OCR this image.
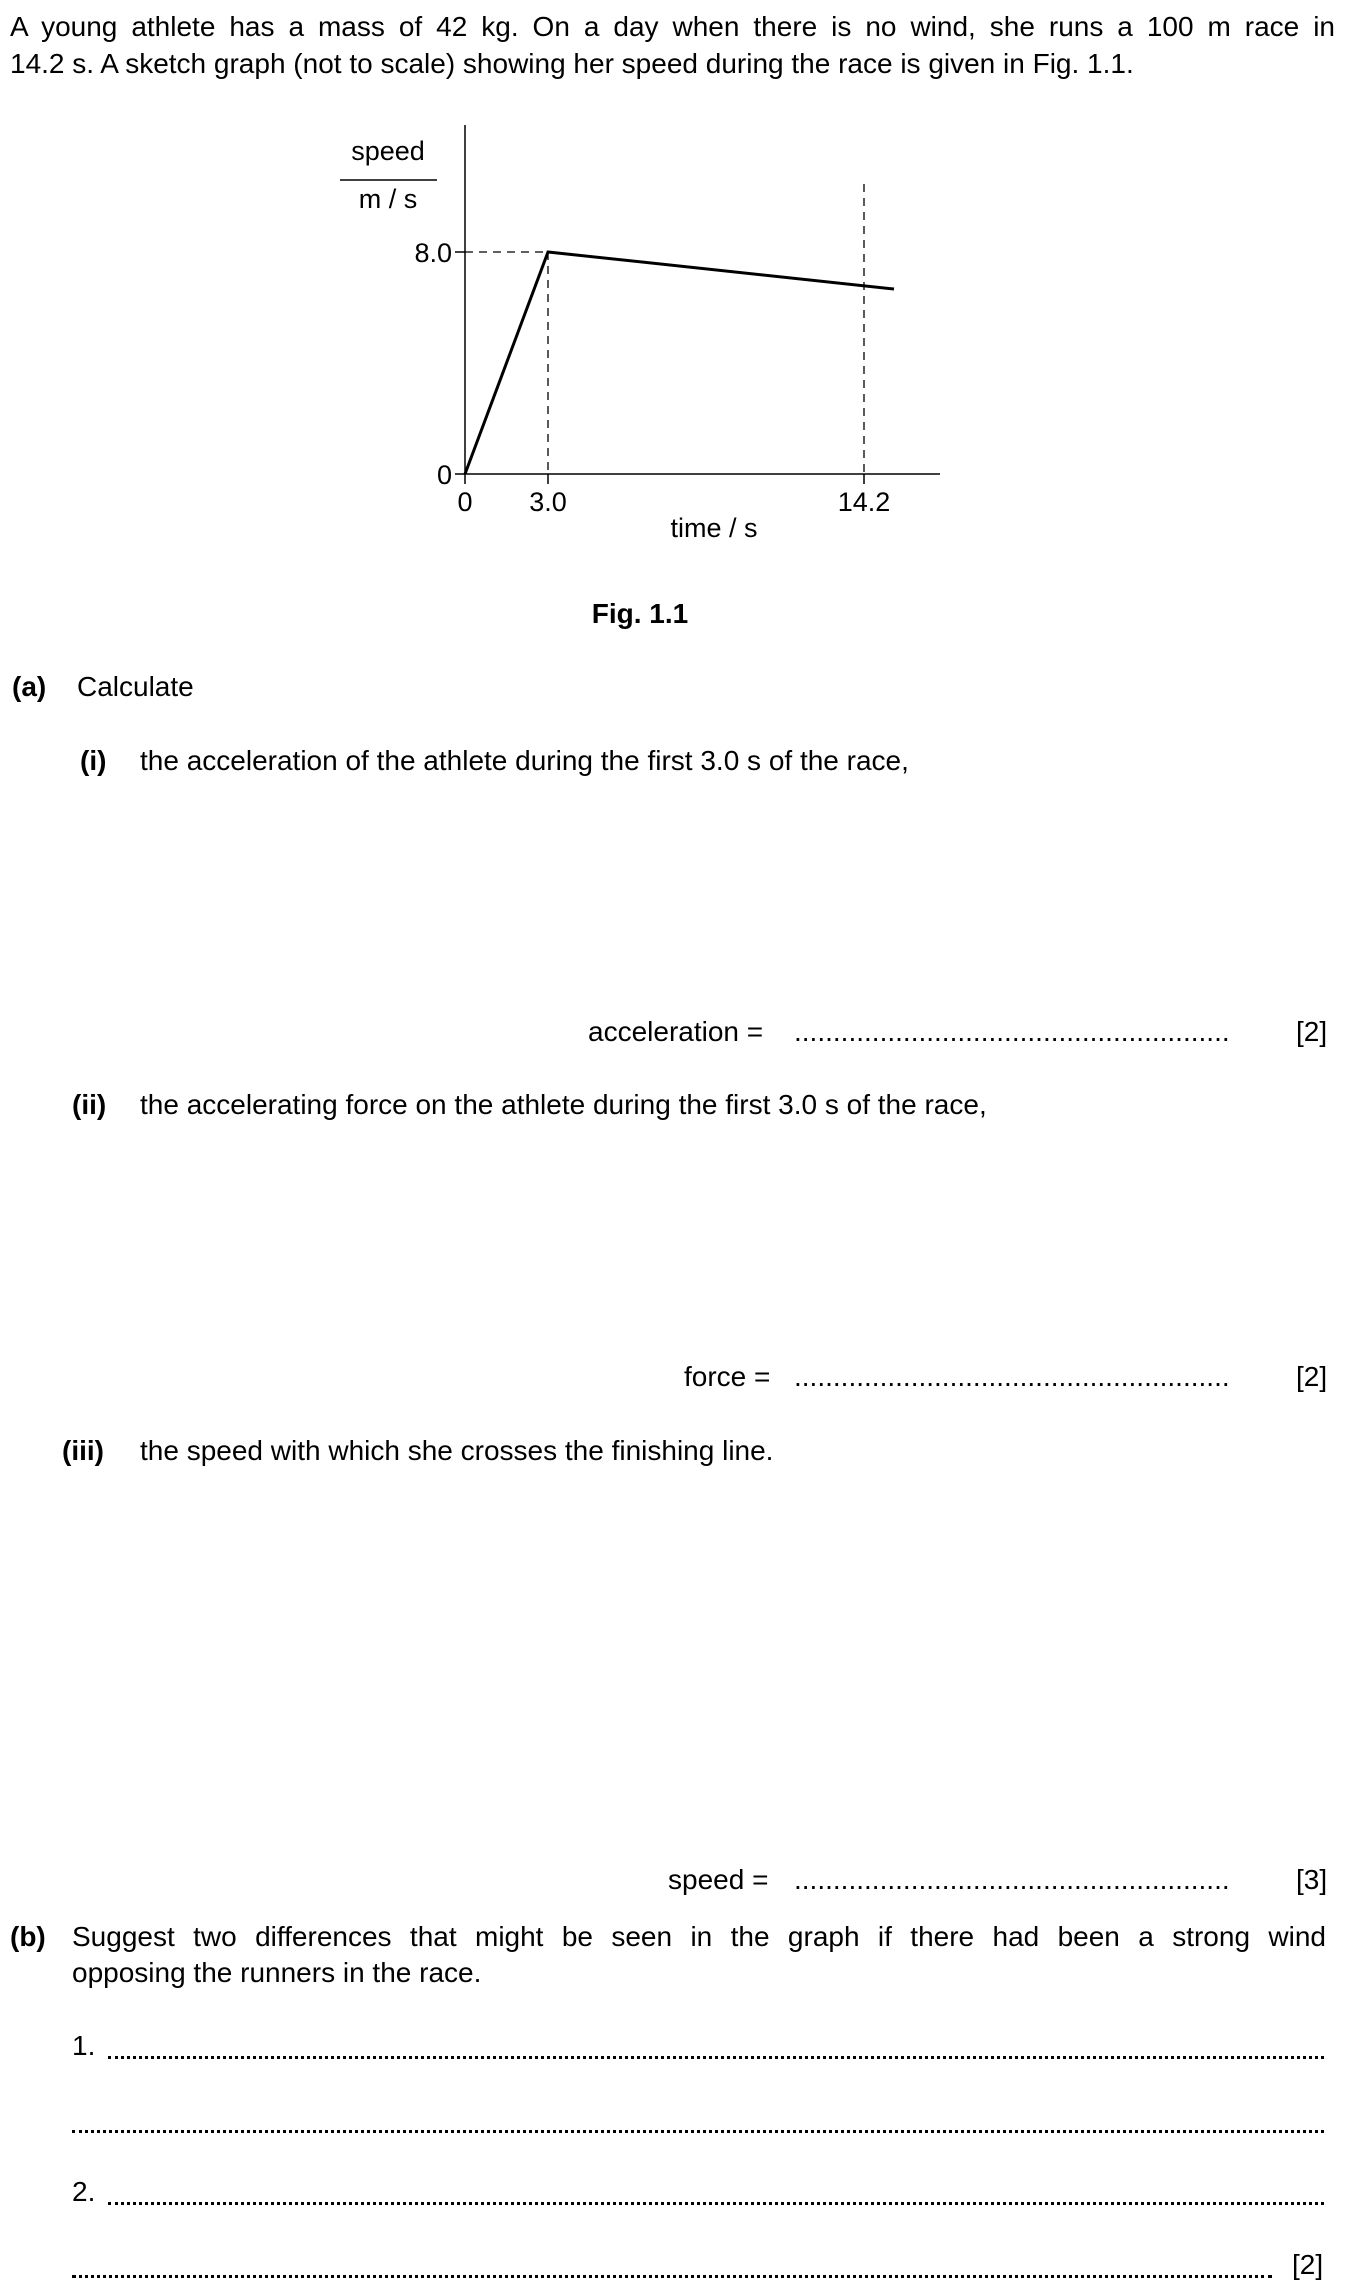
A young athlete has a mass of 42 kg. On a day when there is no wind, she runs a 100 m race in
14.2 s. A sketch graph (not to scale) showing her speed during the race is given in Fig. 1.1.
speed
m / s
8.0
0
0 3.0	14.2
time / s
Fig. 1.1
(a) Calculate
(i) the acceleration of the athlete during the first 3.0 s of the race,
acceleration = ........................................................ [2]
(ii) the accelerating force on the athlete during the first 3.0 s of the race,
force = ........................................................ [2]
(iii) the speed with which she crosses the finishing line.
speed = ........................................................ [3]
(b) Suggest two differences that might be seen in the graph if there had been a strong wind
opposing the runners in the race.
1.
2.
[2]
